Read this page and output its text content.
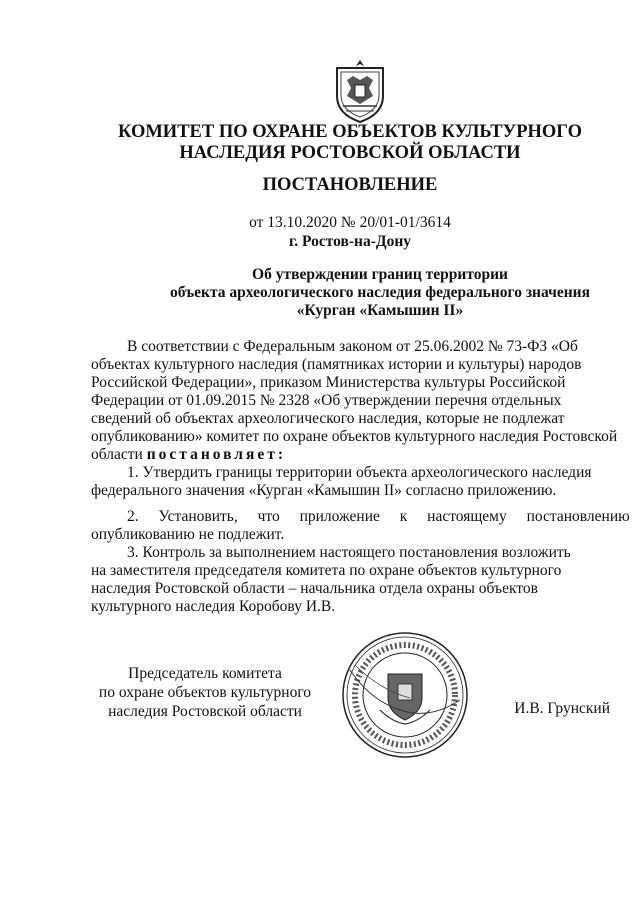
КОМИТЕТ ПО ОХРАНЕ ОБЪЕКТОВ КУЛЬТУРНОГО
НАСЛЕДИЯ РОСТОВСКОЙ ОБЛАСТИ
ПОСТАНОВЛЕНИЕ
от 13.10.2020 № 20/01-01/3614
г. Ростов-на-Дону
Об утверждении границ территории
объекта археологического наследия федерального значения
«Курган «Камышин II»
В соответствии с Федеральным законом от 25.06.2002 № 73-ФЗ «Об
объектах культурного наследия (памятниках истории и культуры) народов
Российской Федерации», приказом Министерства культуры Российской
Федерации от 01.09.2015 № 2328 «Об утверждении перечня отдельных
сведений об объектах археологического наследия, которые не подлежат
опубликованию» комитет по охране объектов культурного наследия Ростовской
области постановляет:
1. Утвердить границы территории объекта археологического наследия
федерального значения «Курган «Камышин II» согласно приложению.
2. Установить, что приложение к настоящему постановлению
опубликованию не подлежит.
3. Контроль за выполнением настоящего постановления возложить
на заместителя председателя комитета по охране объектов культурного
наследия Ростовской области – начальника отдела охраны объектов
культурного наследия Коробову И.В.
Председатель комитета
по охране объектов культурного
наследия Ростовской области	И.В. Грунский
